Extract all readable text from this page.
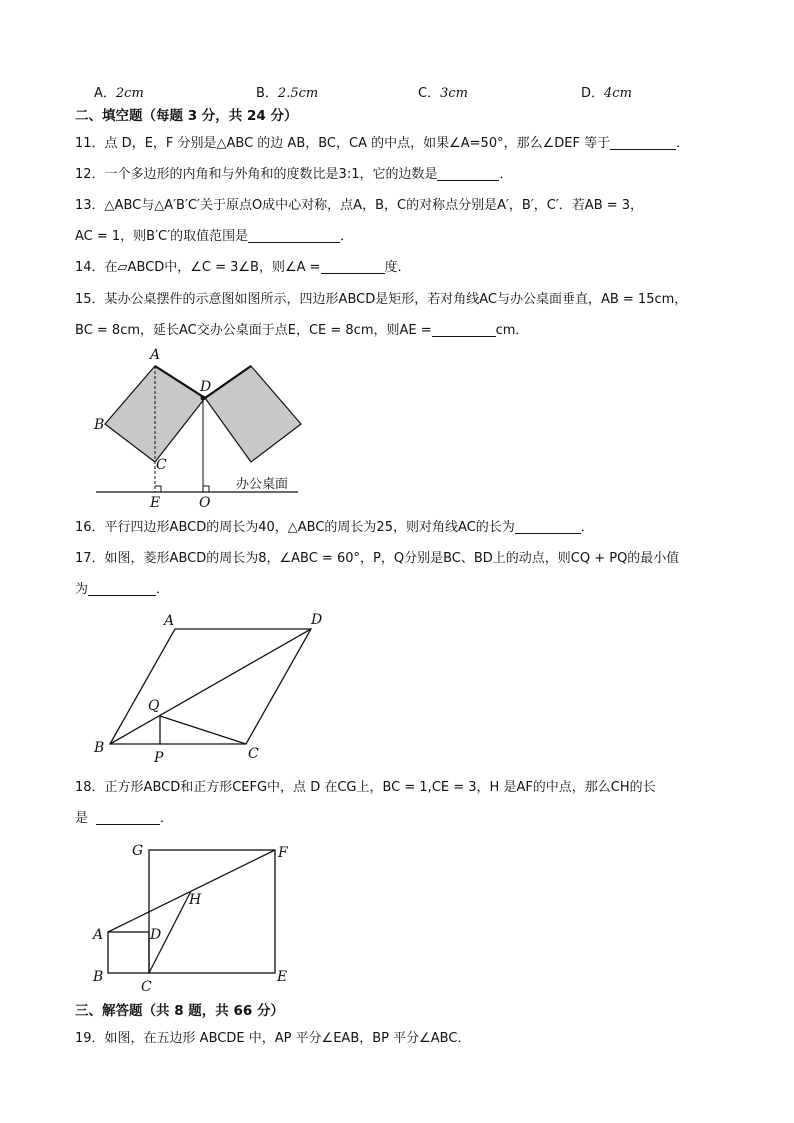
A．2cm	B．2.5cm	C．3cm	D．4cm
二、填空题（每题 3 分，共 24 分）
11．点 D，E，F 分别是△ABC 的边 AB，BC，CA 的中点，如果∠A=50°，那么∠DEF 等于	．
12．一个多边形的内角和与外角和的度数比是3:1，它的边数是	．
13．△ABC与△A′B′C′关于原点O成中心对称，点A，B，C的对称点分别是A′，B′，C′．若AB = 3，
AC = 1，则B′C′的取值范围是	．
14．在▱ABCD中，∠C = 3∠B，则∠A =	度．
15．某办公桌摆件的示意图如图所示，四边形ABCD是矩形，若对角线AC与办公桌面垂直，AB = 15cm，
BC = 8cm，延长AC交办公桌面于点E，CE = 8cm，则AE =	cm．
A
D
B
C
E	O
办公桌面
16．平行四边形ABCD的周长为40，△ABC的周长为25，则对角线AC的长为	．
17．如图，菱形ABCD的周长为8，∠ABC = 60°，P，Q分别是BC、BD上的动点，则CQ + PQ的最小值
为	．
A	D
B	C
Q
P
18．正方形ABCD和正方形CEFG中，点 D 在CG上，BC = 1,CE = 3，H 是AF的中点，那么CH的长
是	．
G	F
H
A	D
B
C
E
三、解答题（共 8 题，共 66 分）
19．如图，在五边形 ABCDE 中，AP 平分∠EAB，BP 平分∠ABC．
